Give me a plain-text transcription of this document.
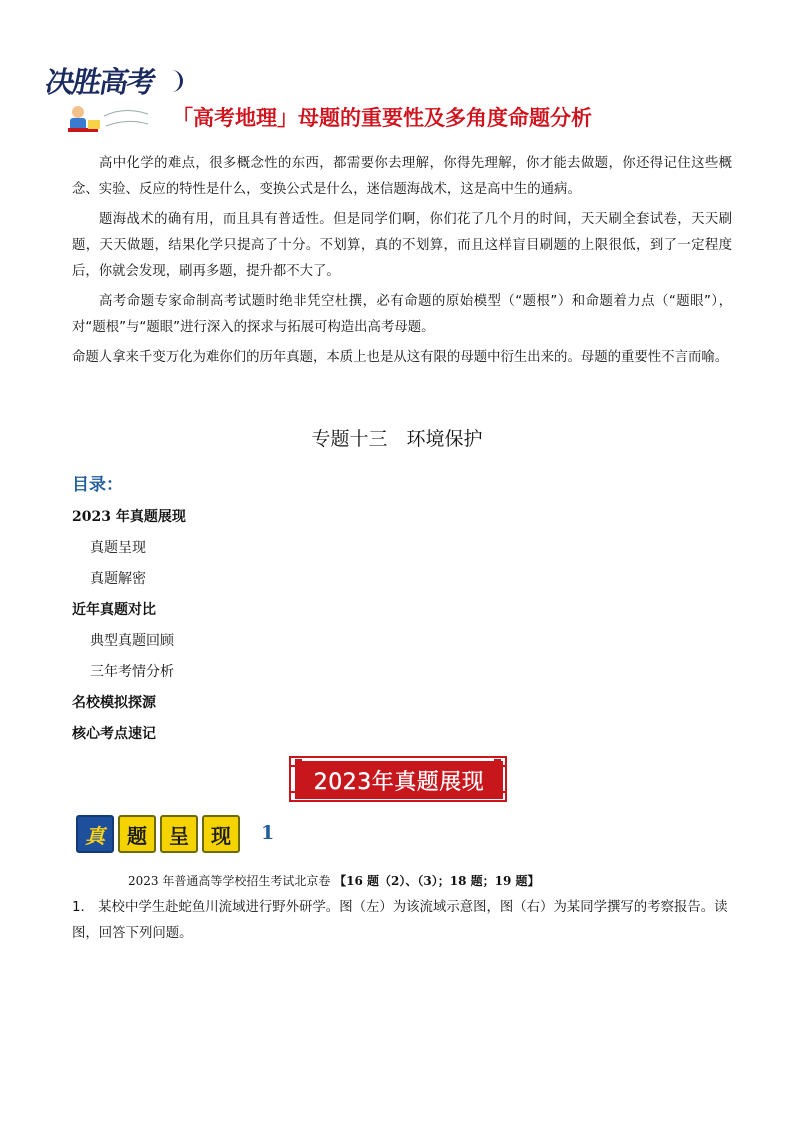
决胜高考
「高考地理」母题的重要性及多角度命题分析

高中化学的难点，很多概念性的东西，都需要你去理解，你得先理解，你才能去做题，你还得记住这些概念、实验、反应的特性是什么，变换公式是什么，迷信题海战术，这是高中生的通病。

题海战术的确有用，而且具有普适性。但是同学们啊，你们花了几个月的时间，天天刷全套试卷，天天刷题，天天做题，结果化学只提高了十分。不划算，真的不划算，而且这样盲目刷题的上限很低，到了一定程度后，你就会发现，刷再多题，提升都不大了。

高考命题专家命制高考试题时绝非凭空杜撰，必有命题的原始模型（“题根”）和命题着力点（“题眼”），对“题根”与“题眼”进行深入的探求与拓展可构造出高考母题。

命题人拿来千变万化为难你们的历年真题，本质上也是从这有限的母题中衍生出来的。母题的重要性不言而喻。

专题十三　环境保护
目录：
2023 年真题展现
真题呈现
真题解密
近年真题对比
典型真题回顾
三年考情分析
名校模拟探源
核心考点速记
2023年真题展现
真	题	呈	现	1
2023 年普通高等学校招生考试北京卷 【16 题（2）、（3）；18 题；19 题】

1． 某校中学生赴蛇鱼川流域进行野外研学。图（左）为该流域示意图，图（右）为某同学撰写的考察报告。读图，回答下列问题。
